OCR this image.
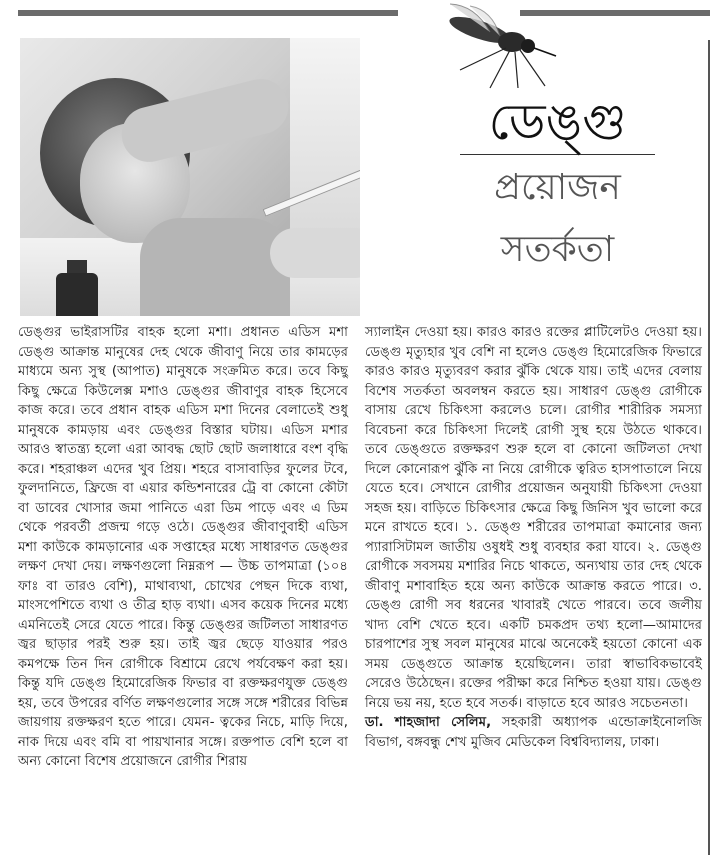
ডেঙ্গু
প্রয়োজন
সতর্কতা

ডেঙ্গুর ভাইরাসটির বাহক হলো মশা। প্রধানত এডিস মশা ডেঙ্গু আক্রান্ত মানুষের দেহ থেকে জীবাণু নিয়ে তার কামড়ের মাধ্যমে অন্য সুস্থ (আপাত) মানুষকে সংক্রমিত করে। তবে কিছু কিছু ক্ষেত্রে কিউলেক্স মশাও ডেঙ্গুর জীবাণুর বাহক হিসেবে কাজ করে। তবে প্রধান বাহক এডিস মশা দিনের বেলাতেই শুধু মানুষকে কামড়ায় এবং ডেঙ্গুর বিস্তার ঘটায়। এডিস মশার আরও স্বাতন্ত্র্য হলো এরা আবদ্ধ ছোট ছোট জলাধারে বংশ বৃদ্ধি করে। শহরাঞ্চল এদের খুব প্রিয়। শহরে বাসাবাড়ির ফুলের টবে, ফুলদানিতে, ফ্রিজে বা এয়ার কন্ডিশনারের ট্রে বা কোনো কৌটা বা ডাবের খোসার জমা পানিতে এরা ডিম পাড়ে এবং এ ডিম থেকে পরবর্তী প্রজন্ম গড়ে ওঠে। ডেঙ্গুর জীবাণুবাহী এডিস মশা কাউকে কামড়ানোর এক সপ্তাহের মধ্যে সাধারণত ডেঙ্গুর লক্ষণ দেখা দেয়। লক্ষণগুলো নিম্নরূপ — উচ্চ তাপমাত্রা (১০৪ ফাঃ বা তারও বেশি), মাথাব্যথা, চোখের পেছন দিকে ব্যথা, মাংসপেশিতে ব্যথা ও তীব্র হাড় ব্যথা। এসব কয়েক দিনের মধ্যে এমনিতেই সেরে যেতে পারে। কিন্তু ডেঙ্গুর জটিলতা সাধারণত জ্বর ছাড়ার পরই শুরু হয়। তাই জ্বর ছেড়ে যাওয়ার পরও কমপক্ষে তিন দিন রোগীকে বিশ্রামে রেখে পর্যবেক্ষণ করা হয়। কিন্তু যদি ডেঙ্গু হিমোরেজিক ফিভার বা রক্তক্ষরণযুক্ত ডেঙ্গু হয়, তবে উপরের বর্ণিত লক্ষণগুলোর সঙ্গে সঙ্গে শরীরের বিভিন্ন জায়গায় রক্তক্ষরণ হতে পারে। যেমন- ত্বকের নিচে, মাড়ি দিয়ে, নাক দিয়ে এবং বমি বা পায়খানার সঙ্গে। রক্তপাত বেশি হলে বা অন্য কোনো বিশেষ প্রয়োজনে রোগীর শিরায়

স্যালাইন দেওয়া হয়। কারও কারও রক্তের প্লাটিলেটও দেওয়া হয়। ডেঙ্গু মৃত্যুহার খুব বেশি না হলেও ডেঙ্গু হিমোরেজিক ফিভারে কারও কারও মৃত্যুবরণ করার ঝুঁকি থেকে যায়। তাই এদের বেলায় বিশেষ সতর্কতা অবলম্বন করতে হয়। সাধারণ ডেঙ্গু রোগীকে বাসায় রেখে চিকিৎসা করলেও চলে। রোগীর শারীরিক সমস্যা বিবেচনা করে চিকিৎসা দিলেই রোগী সুস্থ হয়ে উঠতে থাকবে। তবে ডেঙ্গুতে রক্তক্ষরণ শুরু হলে বা কোনো জটিলতা দেখা দিলে কোনোরূপ ঝুঁকি না নিয়ে রোগীকে ত্বরিত হাসপাতালে নিয়ে যেতে হবে। সেখানে রোগীর প্রয়োজন অনুযায়ী চিকিৎসা দেওয়া সহজ হয়। বাড়িতে চিকিৎসার ক্ষেত্রে কিছু জিনিস খুব ভালো করে মনে রাখতে হবে। ১. ডেঙ্গু শরীরের তাপমাত্রা কমানোর জন্য প্যারাসিটামল জাতীয় ওষুধই শুধু ব্যবহার করা যাবে। ২. ডেঙ্গু রোগীকে সবসময় মশারির নিচে থাকতে, অন্যথায় তার দেহ থেকে জীবাণু মশাবাহিত হয়ে অন্য কাউকে আক্রান্ত করতে পারে। ৩. ডেঙ্গু রোগী সব ধরনের খাবারই খেতে পারবে। তবে জলীয় খাদ্য বেশি খেতে হবে। একটি চমকপ্রদ তথ্য হলো—আমাদের চারপাশের সুস্থ সবল মানুষের মাঝে অনেকেই হয়তো কোনো এক সময় ডেঙ্গুতে আক্রান্ত হয়েছিলেন। তারা স্বাভাবিকভাবেই সেরেও উঠেছেন। রক্তের পরীক্ষা করে নিশ্চিত হওয়া যায়। ডেঙ্গু নিয়ে ভয় নয়, হতে হবে সতর্ক। বাড়াতে হবে আরও সচেতনতা।

ডা. শাহজাদা সেলিম, সহকারী অধ্যাপক এন্ডোক্রাইনোলজি বিভাগ, বঙ্গবন্ধু শেখ মুজিব মেডিকেল বিশ্ববিদ্যালয়, ঢাকা।
